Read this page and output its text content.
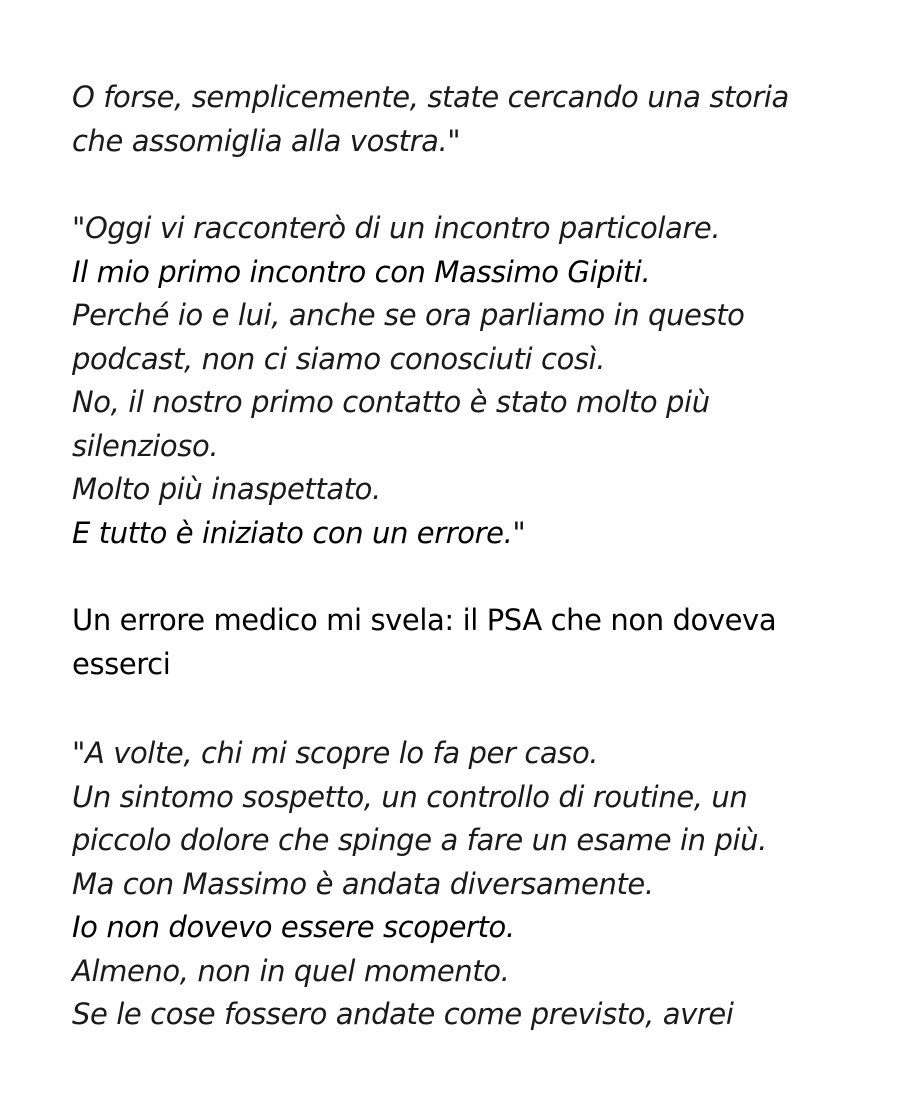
O forse, semplicemente, state cercando una storia
che assomiglia alla vostra."

"Oggi vi racconterò di un incontro particolare.
Il mio primo incontro con Massimo Gipiti.
Perché io e lui, anche se ora parliamo in questo
podcast, non ci siamo conosciuti così.
No, il nostro primo contatto è stato molto più
silenzioso.
Molto più inaspettato.
E tutto è iniziato con un errore."

Un errore medico mi svela: il PSA che non doveva
esserci

"A volte, chi mi scopre lo fa per caso.
Un sintomo sospetto, un controllo di routine, un
piccolo dolore che spinge a fare un esame in più.
Ma con Massimo è andata diversamente.
Io non dovevo essere scoperto.
Almeno, non in quel momento.
Se le cose fossero andate come previsto, avrei
